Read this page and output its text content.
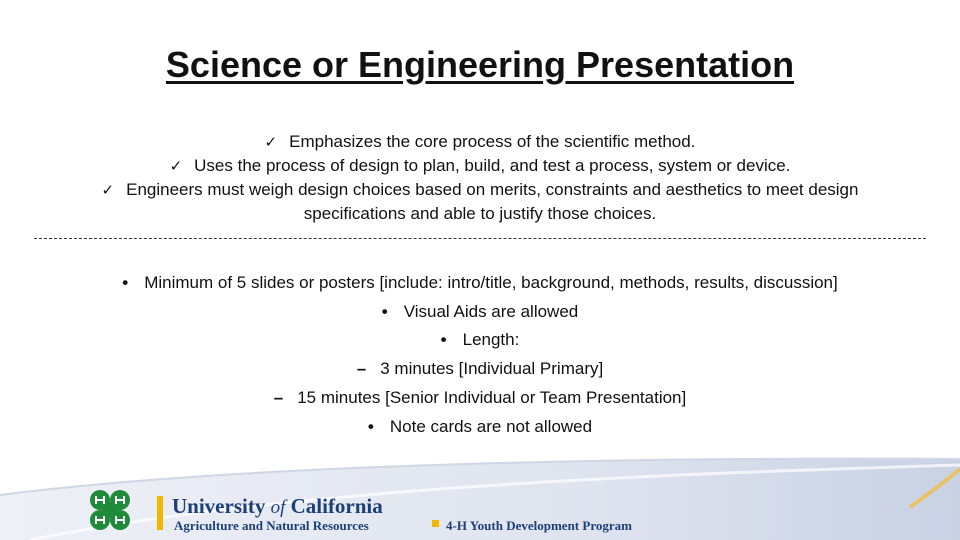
Science or Engineering Presentation
✓ Emphasizes the core process of the scientific method.
✓ Uses the process of design to plan, build, and test a process, system or device.
✓ Engineers must weigh design choices based on merits, constraints and aesthetics to meet design
specifications and able to justify those choices.
• Minimum of 5 slides or posters [include: intro/title, background, methods, results, discussion]
• Visual Aids are allowed
• Length:
– 3 minutes [Individual Primary]
– 15 minutes [Senior Individual or Team Presentation]
• Note cards are not allowed
University of California
Agriculture and Natural Resources	4-H Youth Development Program
